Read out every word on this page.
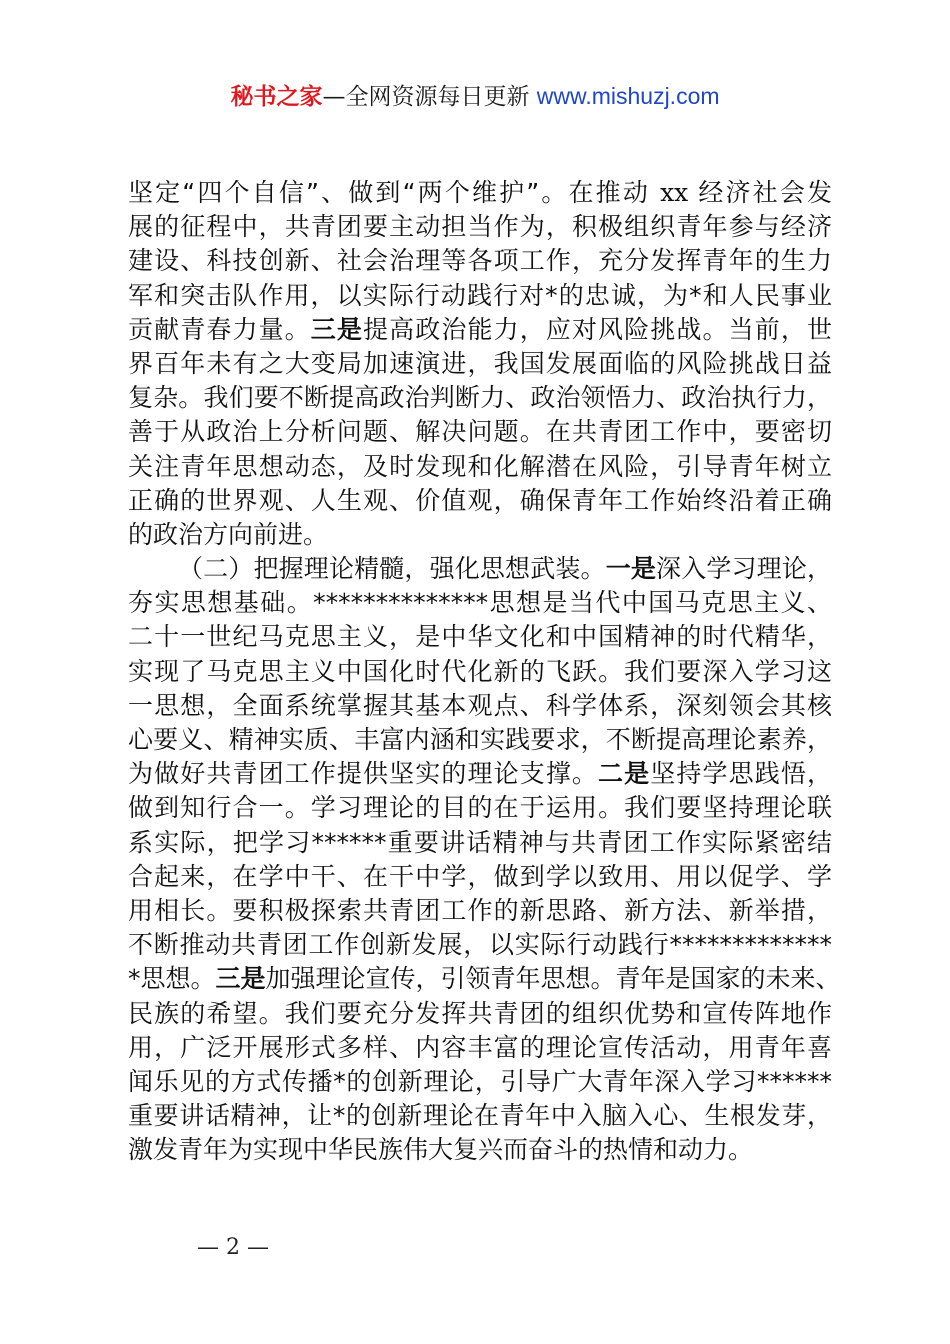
秘书之家—全网资源每日更新 www.mishuzj.com
坚定“四个自信”、做到“两个维护”。在推动 xx 经济社会发
展的征程中，共青团要主动担当作为，积极组织青年参与经济
建设、科技创新、社会治理等各项工作，充分发挥青年的生力
军和突击队作用，以实际行动践行对*的忠诚，为*和人民事业
贡献青春力量。三是提高政治能力，应对风险挑战。当前，世
界百年未有之大变局加速演进，我国发展面临的风险挑战日益
复杂。我们要不断提高政治判断力、政治领悟力、政治执行力，
善于从政治上分析问题、解决问题。在共青团工作中，要密切
关注青年思想动态，及时发现和化解潜在风险，引导青年树立
正确的世界观、人生观、价值观，确保青年工作始终沿着正确
的政治方向前进。
（二）把握理论精髓，强化思想武装。一是深入学习理论，
夯实思想基础。**************思想是当代中国马克思主义、
二十一世纪马克思主义，是中华文化和中国精神的时代精华，
实现了马克思主义中国化时代化新的飞跃。我们要深入学习这
一思想，全面系统掌握其基本观点、科学体系，深刻领会其核
心要义、精神实质、丰富内涵和实践要求，不断提高理论素养，
为做好共青团工作提供坚实的理论支撑。二是坚持学思践悟，
做到知行合一。学习理论的目的在于运用。我们要坚持理论联
系实际，把学习******重要讲话精神与共青团工作实际紧密结
合起来，在学中干、在干中学，做到学以致用、用以促学、学
用相长。要积极探索共青团工作的新思路、新方法、新举措，
不断推动共青团工作创新发展，以实际行动践行*************
*思想。三是加强理论宣传，引领青年思想。青年是国家的未来、
民族的希望。我们要充分发挥共青团的组织优势和宣传阵地作
用，广泛开展形式多样、内容丰富的理论宣传活动，用青年喜
闻乐见的方式传播*的创新理论，引导广大青年深入学习******
重要讲话精神，让*的创新理论在青年中入脑入心、生根发芽，
激发青年为实现中华民族伟大复兴而奋斗的热情和动力。
— 2 —
